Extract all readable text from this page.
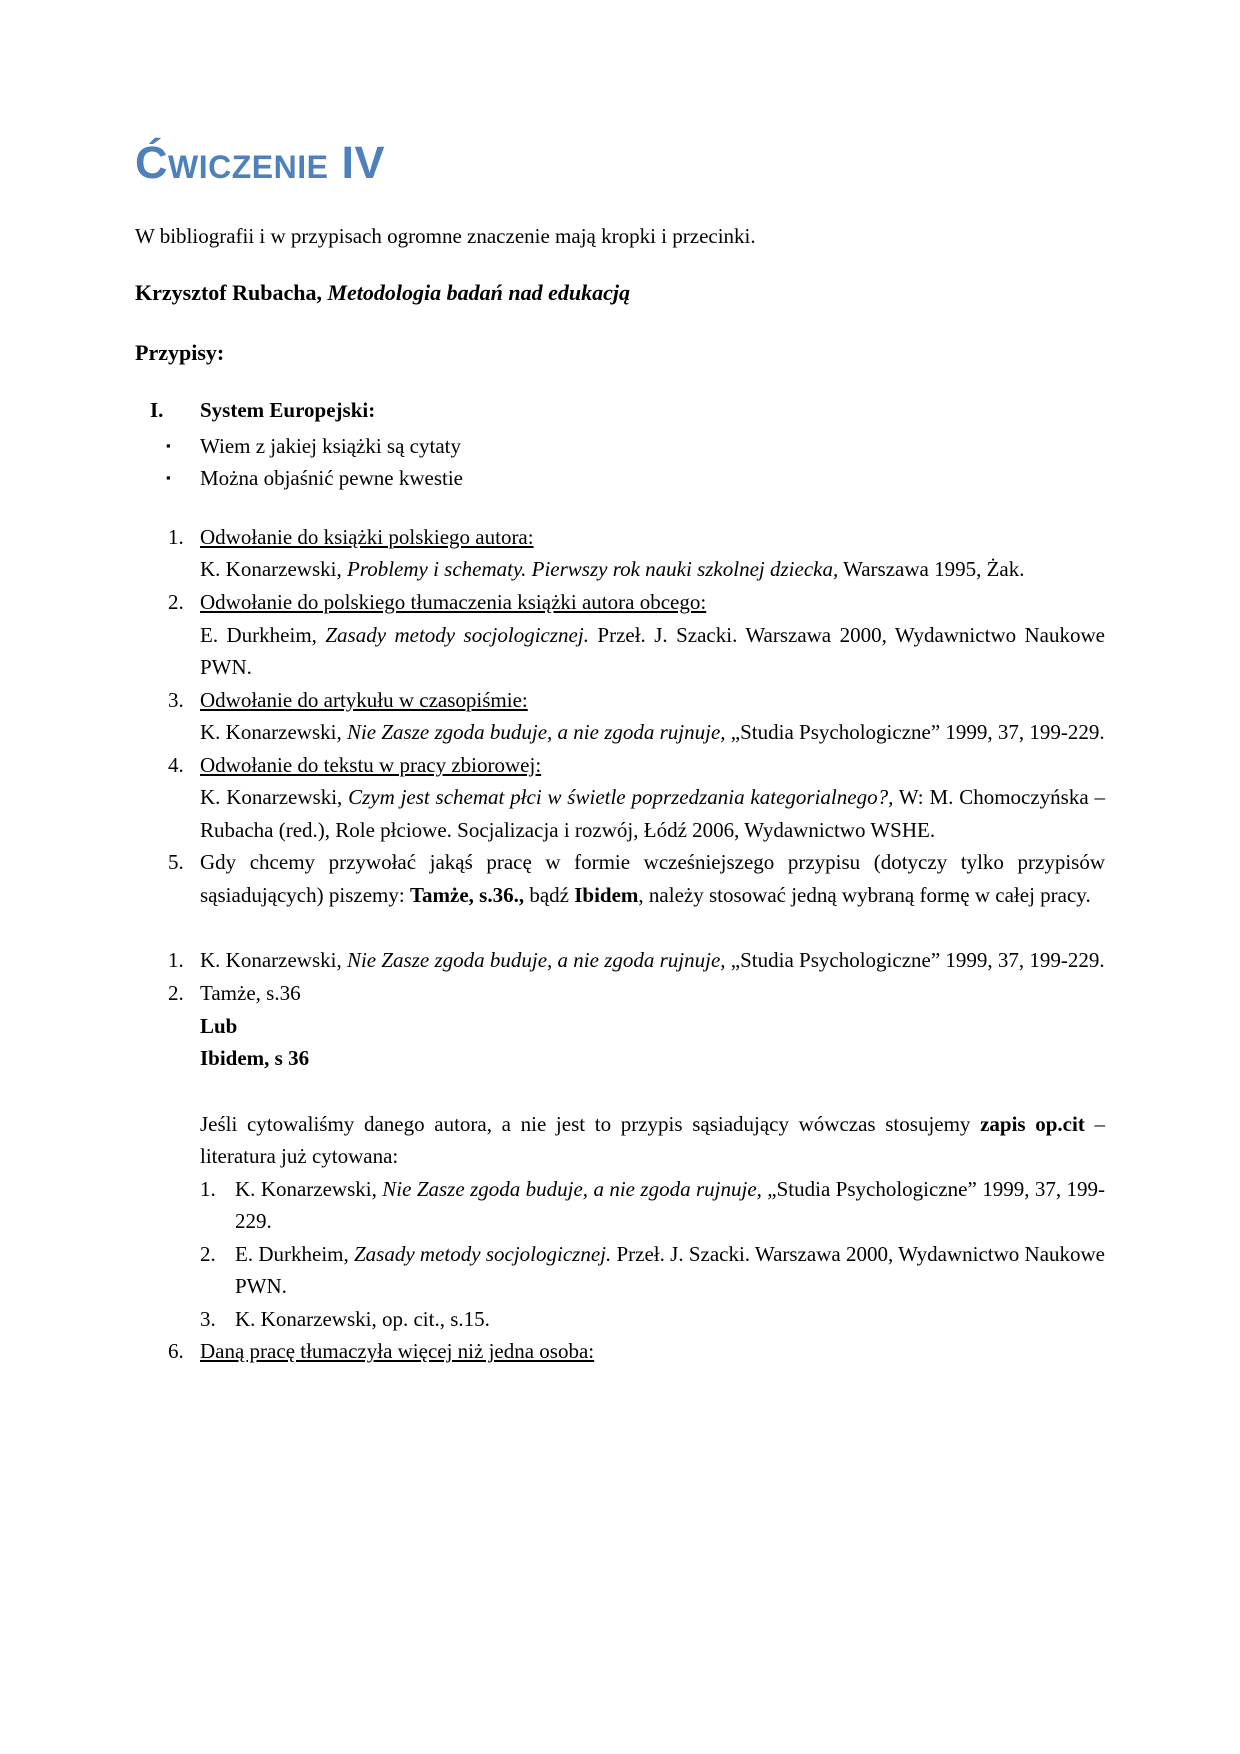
Ćwiczenie IV

W bibliografii i w przypisach ogromne znaczenie mają kropki i przecinki.

Krzysztof Rubacha, Metodologia badań nad edukacją

Przypisy:

I.	System Europejski:
▪	Wiem z jakiej książki są cytaty
▪	Można objaśnić pewne kwestie
1. Odwołanie do książki polskiego autora:
K. Konarzewski, Problemy i schematy. Pierwszy rok nauki szkolnej dziecka, Warszawa 1995, Żak.
2. Odwołanie do polskiego tłumaczenia książki autora obcego:
E. Durkheim, Zasady metody socjologicznej. Przeł. J. Szacki. Warszawa 2000, Wydawnictwo Naukowe PWN.
3. Odwołanie do artykułu w czasopiśmie:
K. Konarzewski, Nie Zasze zgoda buduje, a nie zgoda rujnuje, „Studia Psychologiczne” 1999, 37, 199-229.
4. Odwołanie do tekstu w pracy zbiorowej:
K. Konarzewski, Czym jest schemat płci w świetle poprzedzania kategorialnego?, W: M. Chomoczyńska – Rubacha (red.), Role płciowe. Socjalizacja i rozwój, Łódź 2006, Wydawnictwo WSHE.
5. Gdy chcemy przywołać jakąś pracę w formie wcześniejszego przypisu (dotyczy tylko przypisów sąsiadujących) piszemy: Tamże, s.36., bądź Ibidem, należy stosować jedną wybraną formę w całej pracy.
1. K. Konarzewski, Nie Zasze zgoda buduje, a nie zgoda rujnuje, „Studia Psychologiczne” 1999, 37, 199-229.
2. Tamże, s.36
Lub
Ibidem, s 36
Jeśli cytowaliśmy danego autora, a nie jest to przypis sąsiadujący wówczas stosujemy zapis op.cit – literatura już cytowana:
1. K. Konarzewski, Nie Zasze zgoda buduje, a nie zgoda rujnuje, „Studia Psychologiczne” 1999, 37, 199-229.
2. E. Durkheim, Zasady metody socjologicznej. Przeł. J. Szacki. Warszawa 2000, Wydawnictwo Naukowe PWN.
3. K. Konarzewski, op. cit., s.15.
6. Daną pracę tłumaczyła więcej niż jedna osoba:
